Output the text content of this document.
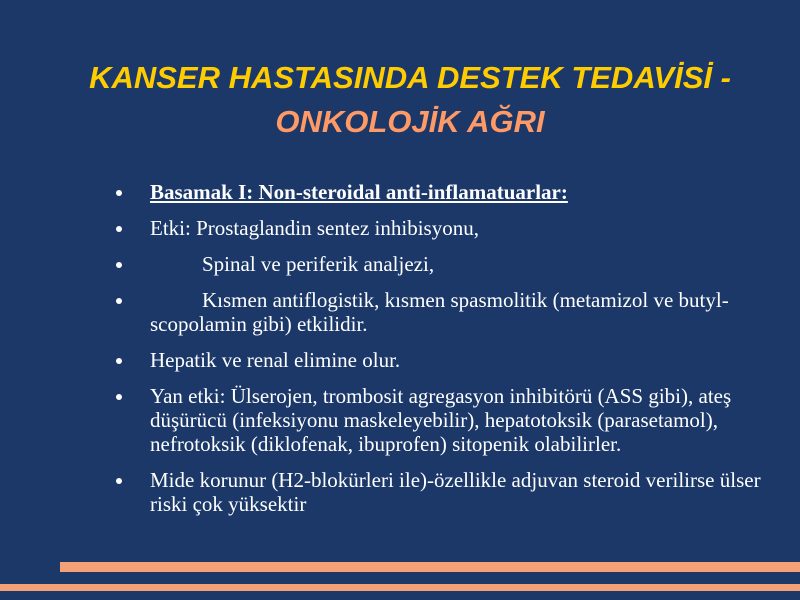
KANSER HASTASINDA DESTEK TEDAVİSİ - ONKOLOJİK AĞRI
Basamak I: Non-steroidal anti-inflamatuarlar:
Etki: Prostaglandin sentez inhibisyonu,
Spinal ve periferik analjezi,
Kısmen antiflogistik, kısmen spasmolitik (metamizol ve butyl-scopolamin gibi) etkilidir.
Hepatik ve renal elimine olur.
Yan etki: Ülserojen, trombosit agregasyon inhibitörü (ASS gibi), ateş düşürücü (infeksiyonu maskeleyebilir), hepatotoksik (parasetamol), nefrotoksik (diklofenak, ibuprofen) sitopenik olabilirler.
Mide korunur (H2-blokürleri ile)-özellikle adjuvan steroid verilirse ülser riski çok yüksektir
